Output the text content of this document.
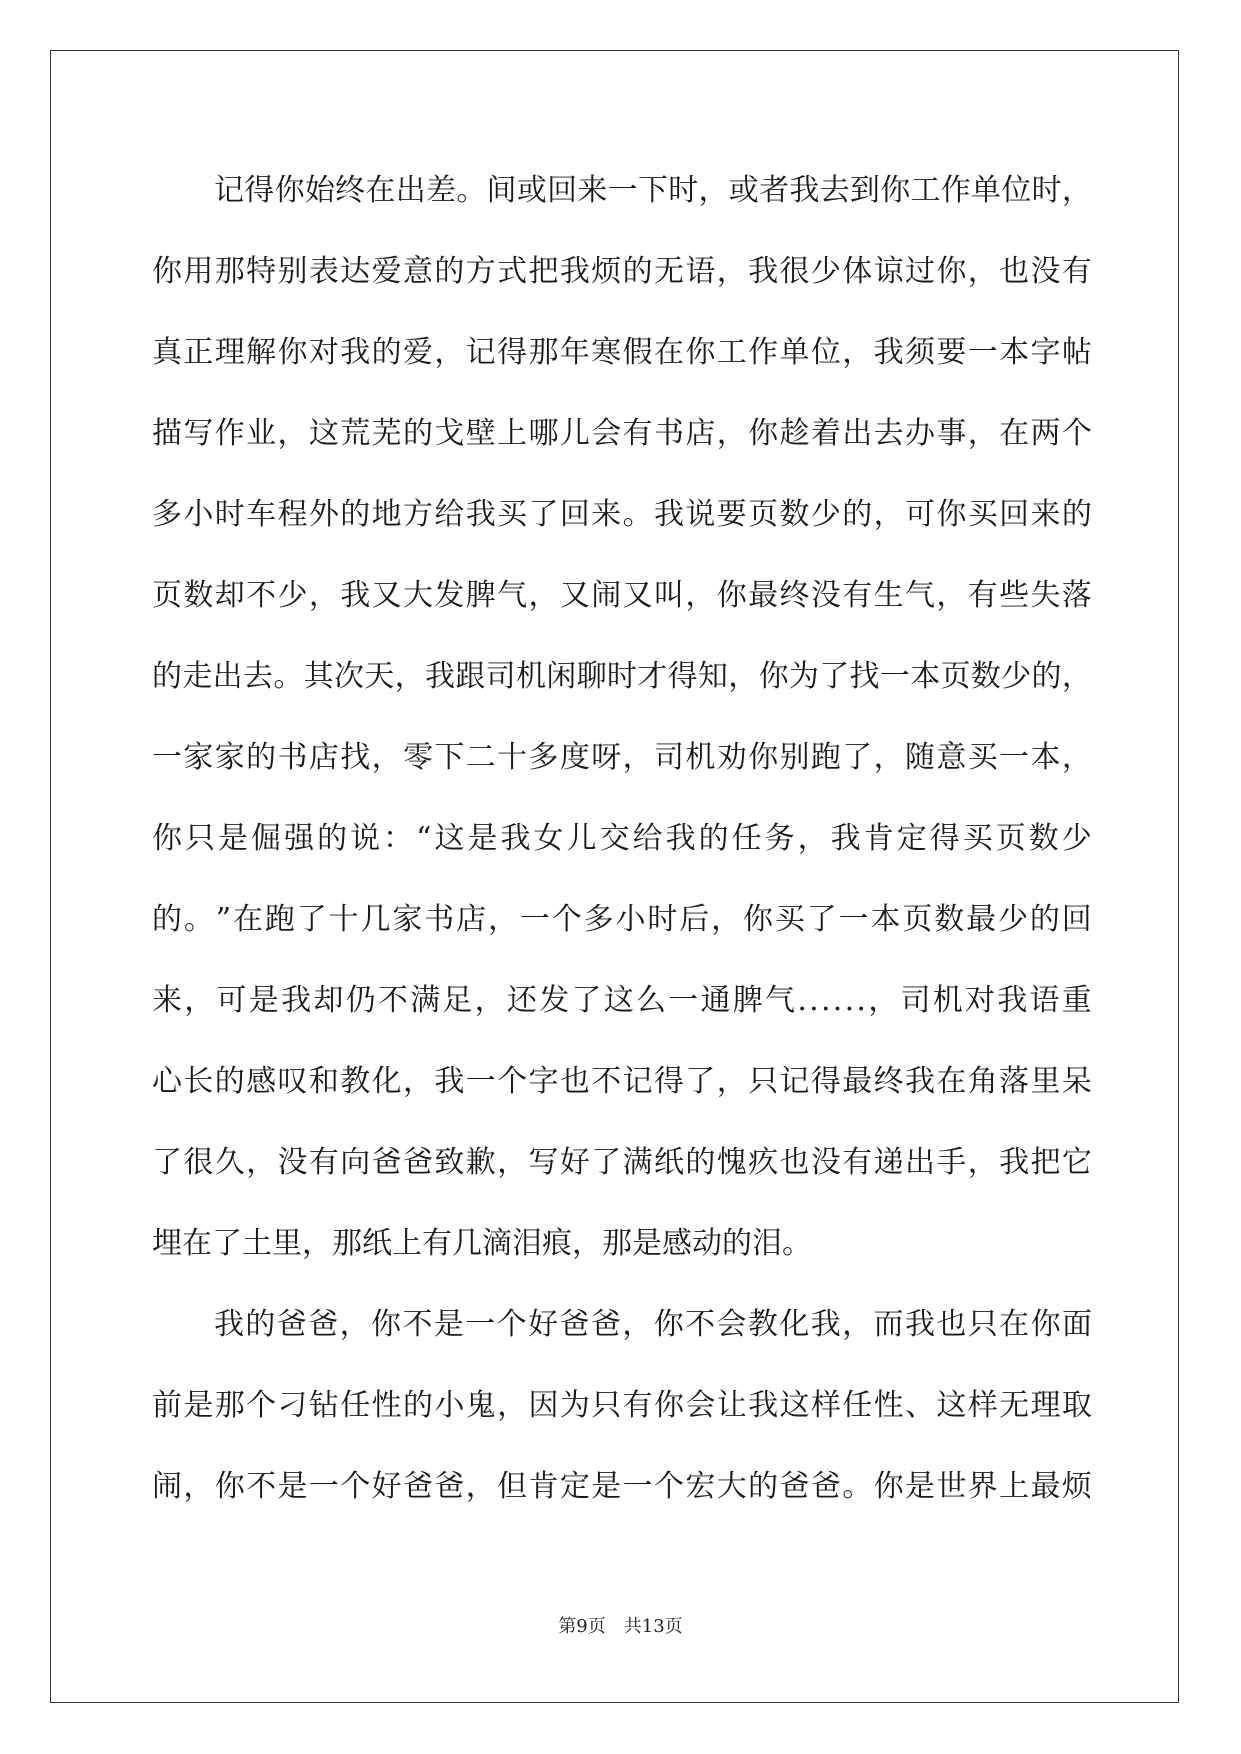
记 得 你 始 终 在 出 差 。 间 或 回 来 一 下 时 ， 或 者 我 去 到 你 工 作 单 位 时 ，
你 用 那 特 别 表 达 爱 意 的 方 式 把 我 烦 的 无 语 ， 我 很 少 体 谅 过 你 ， 也 没 有
真 正 理 解 你 对 我 的 爱 ， 记 得 那 年 寒 假 在 你 工 作 单 位 ， 我 须 要 一 本 字 帖
描 写 作 业 ， 这 荒 芜 的 戈 壁 上 哪 儿 会 有 书 店 ， 你 趁 着 出 去 办 事 ， 在 两 个
多 小 时 车 程 外 的 地 方 给 我 买 了 回 来 。 我 说 要 页 数 少 的 ， 可 你 买 回 来 的
页 数 却 不 少 ， 我 又 大 发 脾 气 ， 又 闹 又 叫 ， 你 最 终 没 有 生 气 ， 有 些 失 落
的 走 出 去 。 其 次 天 ， 我 跟 司 机 闲 聊 时 才 得 知 ， 你 为 了 找 一 本 页 数 少 的 ，
一 家 家 的 书 店 找 ， 零 下 二 十 多 度 呀 ， 司 机 劝 你 别 跑 了 ， 随 意 买 一 本 ，
你 只 是 倔 强 的 说 ： “ 这 是 我 女 儿 交 给 我 的 任 务 ， 我 肯 定 得 买 页 数 少
的 。 ” 在 跑 了 十 几 家 书 店 ， 一 个 多 小 时 后 ， 你 买 了 一 本 页 数 最 少 的 回
来 ， 可 是 我 却 仍 不 满 足 ， 还 发 了 这 么 一 通 脾 气 . . . . . . ， 司 机 对 我 语 重
心 长 的 感 叹 和 教 化 ， 我 一 个 字 也 不 记 得 了 ， 只 记 得 最 终 我 在 角 落 里 呆
了 很 久 ， 没 有 向 爸 爸 致 歉 ， 写 好 了 满 纸 的 愧 疚 也 没 有 递 出 手 ， 我 把 它
埋在了土里，那纸上有几滴泪痕，那是感动的泪。
我 的 爸 爸 ， 你 不 是 一 个 好 爸 爸 ， 你 不 会 教 化 我 ， 而 我 也 只 在 你 面
前 是 那 个 刁 钻 任 性 的 小 鬼 ， 因 为 只 有 你 会 让 我 这 样 任 性 、 这 样 无 理 取
闹 ， 你 不 是 一 个 好 爸 爸 ， 但 肯 定 是 一 个 宏 大 的 爸 爸 。 你 是 世 界 上 最 烦
第9页　共13页
